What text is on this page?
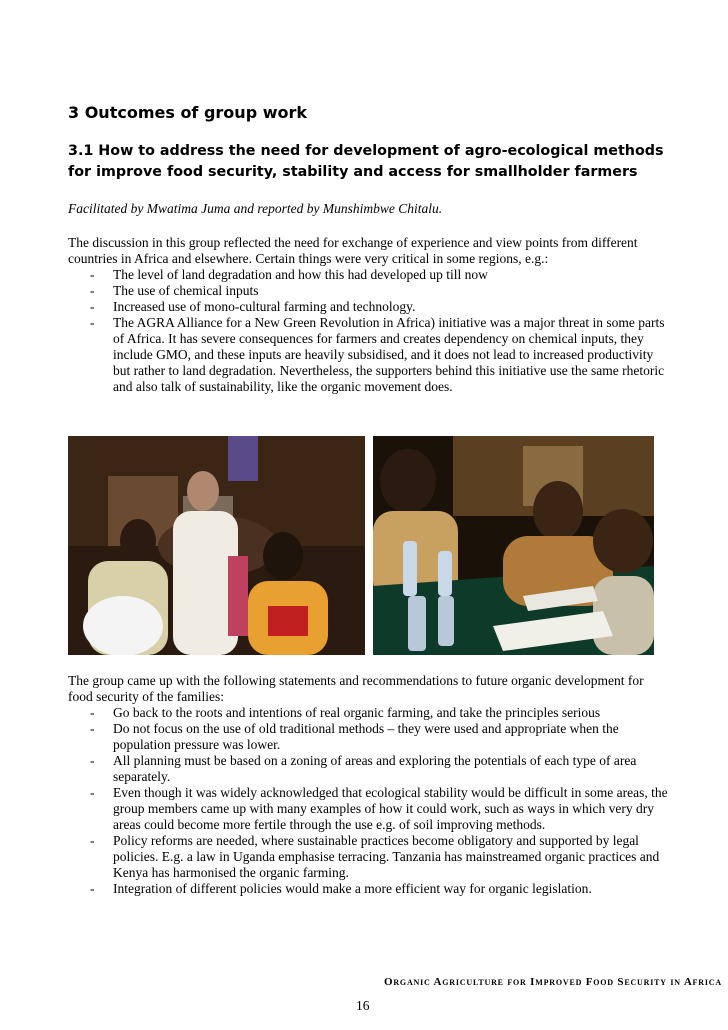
3 Outcomes of group work
3.1 How to address the need for development of agro-ecological methods for improve food security, stability and access for smallholder farmers
Facilitated by Mwatima Juma and reported by Munshimbwe Chitalu.
The discussion in this group reflected the need for exchange of experience and view points from different countries in Africa and elsewhere. Certain things were very critical in some regions, e.g.:
- The level of land degradation and how this had developed up till now
- The use of chemical inputs
- Increased use of mono-cultural farming and technology.
- The AGRA Alliance for a New Green Revolution in Africa) initiative was a major threat in some parts of Africa. It has severe consequences for farmers and creates dependency on chemical inputs, they include GMO, and these inputs are heavily subsidised, and it does not lead to increased productivity but rather to land degradation. Nevertheless, the supporters behind this initiative use the same rhetoric and also talk of sustainability, like the organic movement does.
The group came up with the following statements and recommendations to future organic development for food security of the families:
- Go back to the roots and intentions of real organic farming, and take the principles serious
- Do not focus on the use of old traditional methods – they were used and appropriate when the population pressure was lower.
- All planning must be based on a zoning of areas and exploring the potentials of each type of area separately.
- Even though it was widely acknowledged that ecological stability would be difficult in some areas, the group members came up with many examples of how it could work, such as ways in which very dry areas could become more fertile through the use e.g. of soil improving methods.
- Policy reforms are needed, where sustainable practices become obligatory and supported by legal policies. E.g. a law in Uganda emphasise terracing. Tanzania has mainstreamed organic practices and Kenya has harmonised the organic farming.
- Integration of different policies would make a more efficient way for organic legislation.
Organic Agriculture for Improved Food Security in Africa
16
